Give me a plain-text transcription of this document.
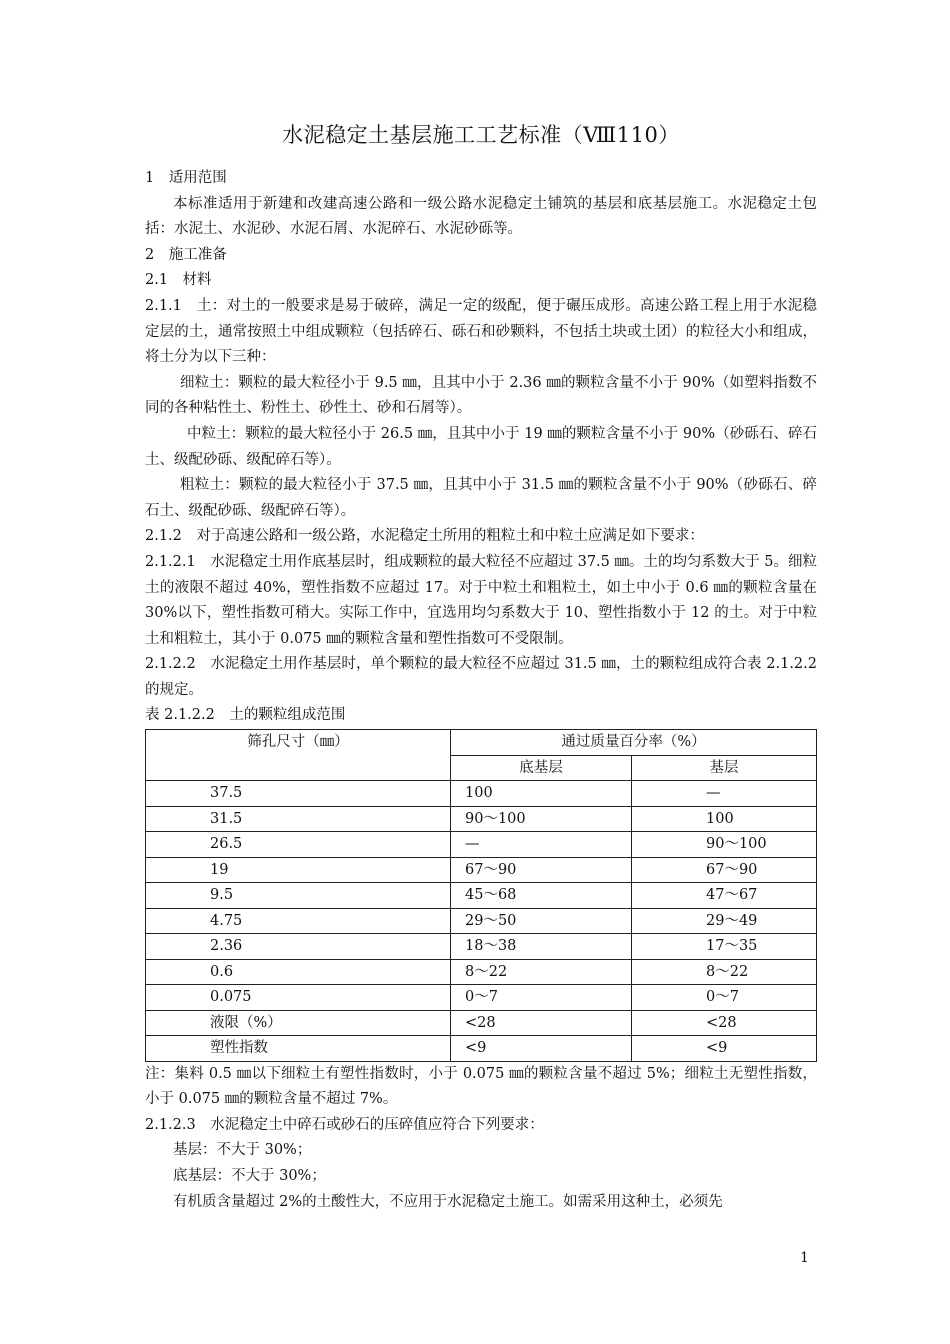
水泥稳定土基层施工工艺标准（Ⅷ110）

1　适用范围

本标准适用于新建和改建高速公路和一级公路水泥稳定土铺筑的基层和底基层施工。水泥稳定土包括：水泥土、水泥砂、水泥石屑、水泥碎石、水泥砂砾等。

2　施工准备

2.1　材料

2.1.1　土：对土的一般要求是易于破碎，满足一定的级配，便于碾压成形。高速公路工程上用于水泥稳定层的土，通常按照土中组成颗粒（包括碎石、砾石和砂颗料，不包括土块或土团）的粒径大小和组成，将土分为以下三种：

细粒土：颗粒的最大粒径小于 9.5 ㎜，且其中小于 2.36 ㎜的颗粒含量不小于 90%（如塑料指数不同的各种粘性土、粉性土、砂性土、砂和石屑等）。

中粒土：颗粒的最大粒径小于 26.5 ㎜，且其中小于 19 ㎜的颗粒含量不小于 90%（砂砾石、碎石土、级配砂砾、级配碎石等）。

粗粒土：颗粒的最大粒径小于 37.5 ㎜，且其中小于 31.5 ㎜的颗粒含量不小于 90%（砂砾石、碎石土、级配砂砾、级配碎石等）。

2.1.2　对于高速公路和一级公路，水泥稳定土所用的粗粒土和中粒土应满足如下要求：

2.1.2.1　水泥稳定土用作底基层时，组成颗粒的最大粒径不应超过 37.5 ㎜。土的均匀系数大于 5。细粒土的液限不超过 40%，塑性指数不应超过 17。对于中粒土和粗粒土，如土中小于 0.6 ㎜的颗粒含量在 30%以下，塑性指数可稍大。实际工作中，宜选用均匀系数大于 10、塑性指数小于 12 的土。对于中粒土和粗粒土，其小于 0.075 ㎜的颗粒含量和塑性指数可不受限制。

2.1.2.2　水泥稳定土用作基层时，单个颗粒的最大粒径不应超过 31.5 ㎜，土的颗粒组成符合表 2.1.2.2 的规定。

表 2.1.2.2　土的颗粒组成范围

筛孔尺寸（㎜）	通过质量百分率（%）	
	底基层	基层
37.5	100	—
31.5	90～100	100
26.5	—	90～100
19	67～90	67～90
9.5	45～68	47～67
4.75	29～50	29～49
2.36	18～38	17～35
0.6	8～22	8～22
0.075	0～7	0～7
液限（%）	<28	<28
塑性指数	<9	<9

注：集料 0.5 ㎜以下细粒土有塑性指数时，小于 0.075 ㎜的颗粒含量不超过 5%；细粒土无塑性指数，小于 0.075 ㎜的颗粒含量不超过 7%。

2.1.2.3　水泥稳定土中碎石或砂石的压碎值应符合下列要求：

基层：不大于 30%；

底基层：不大于 30%；

有机质含量超过 2%的土酸性大，不应用于水泥稳定土施工。如需采用这种土，必须先

1
